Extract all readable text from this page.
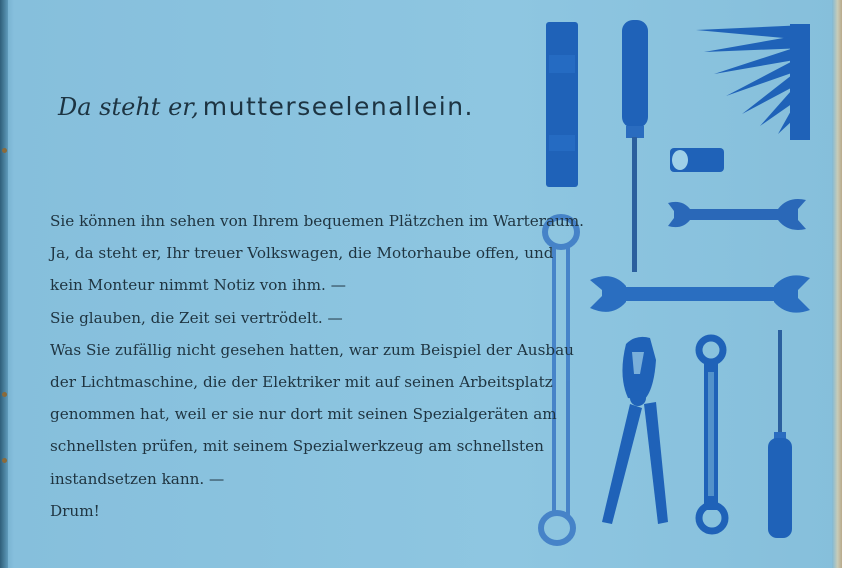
Da steht er, mutterseelenallein.
Sie können ihn sehen von Ihrem bequemen Plätzchen im Warteraum.
Ja, da steht er, Ihr treuer Volkswagen, die Motorhaube offen, und
kein Monteur nimmt Notiz von ihm. —
Sie glauben, die Zeit sei vertrödelt. —
Was Sie zufällig nicht gesehen hatten, war zum Beispiel der Ausbau
der Lichtmaschine, die der Elektriker mit auf seinen Arbeitsplatz
genommen hat, weil er sie nur dort mit seinen Spezialgeräten am
schnellsten prüfen, mit seinem Spezialwerkzeug am schnellsten
instandsetzen kann. —
Drum!
